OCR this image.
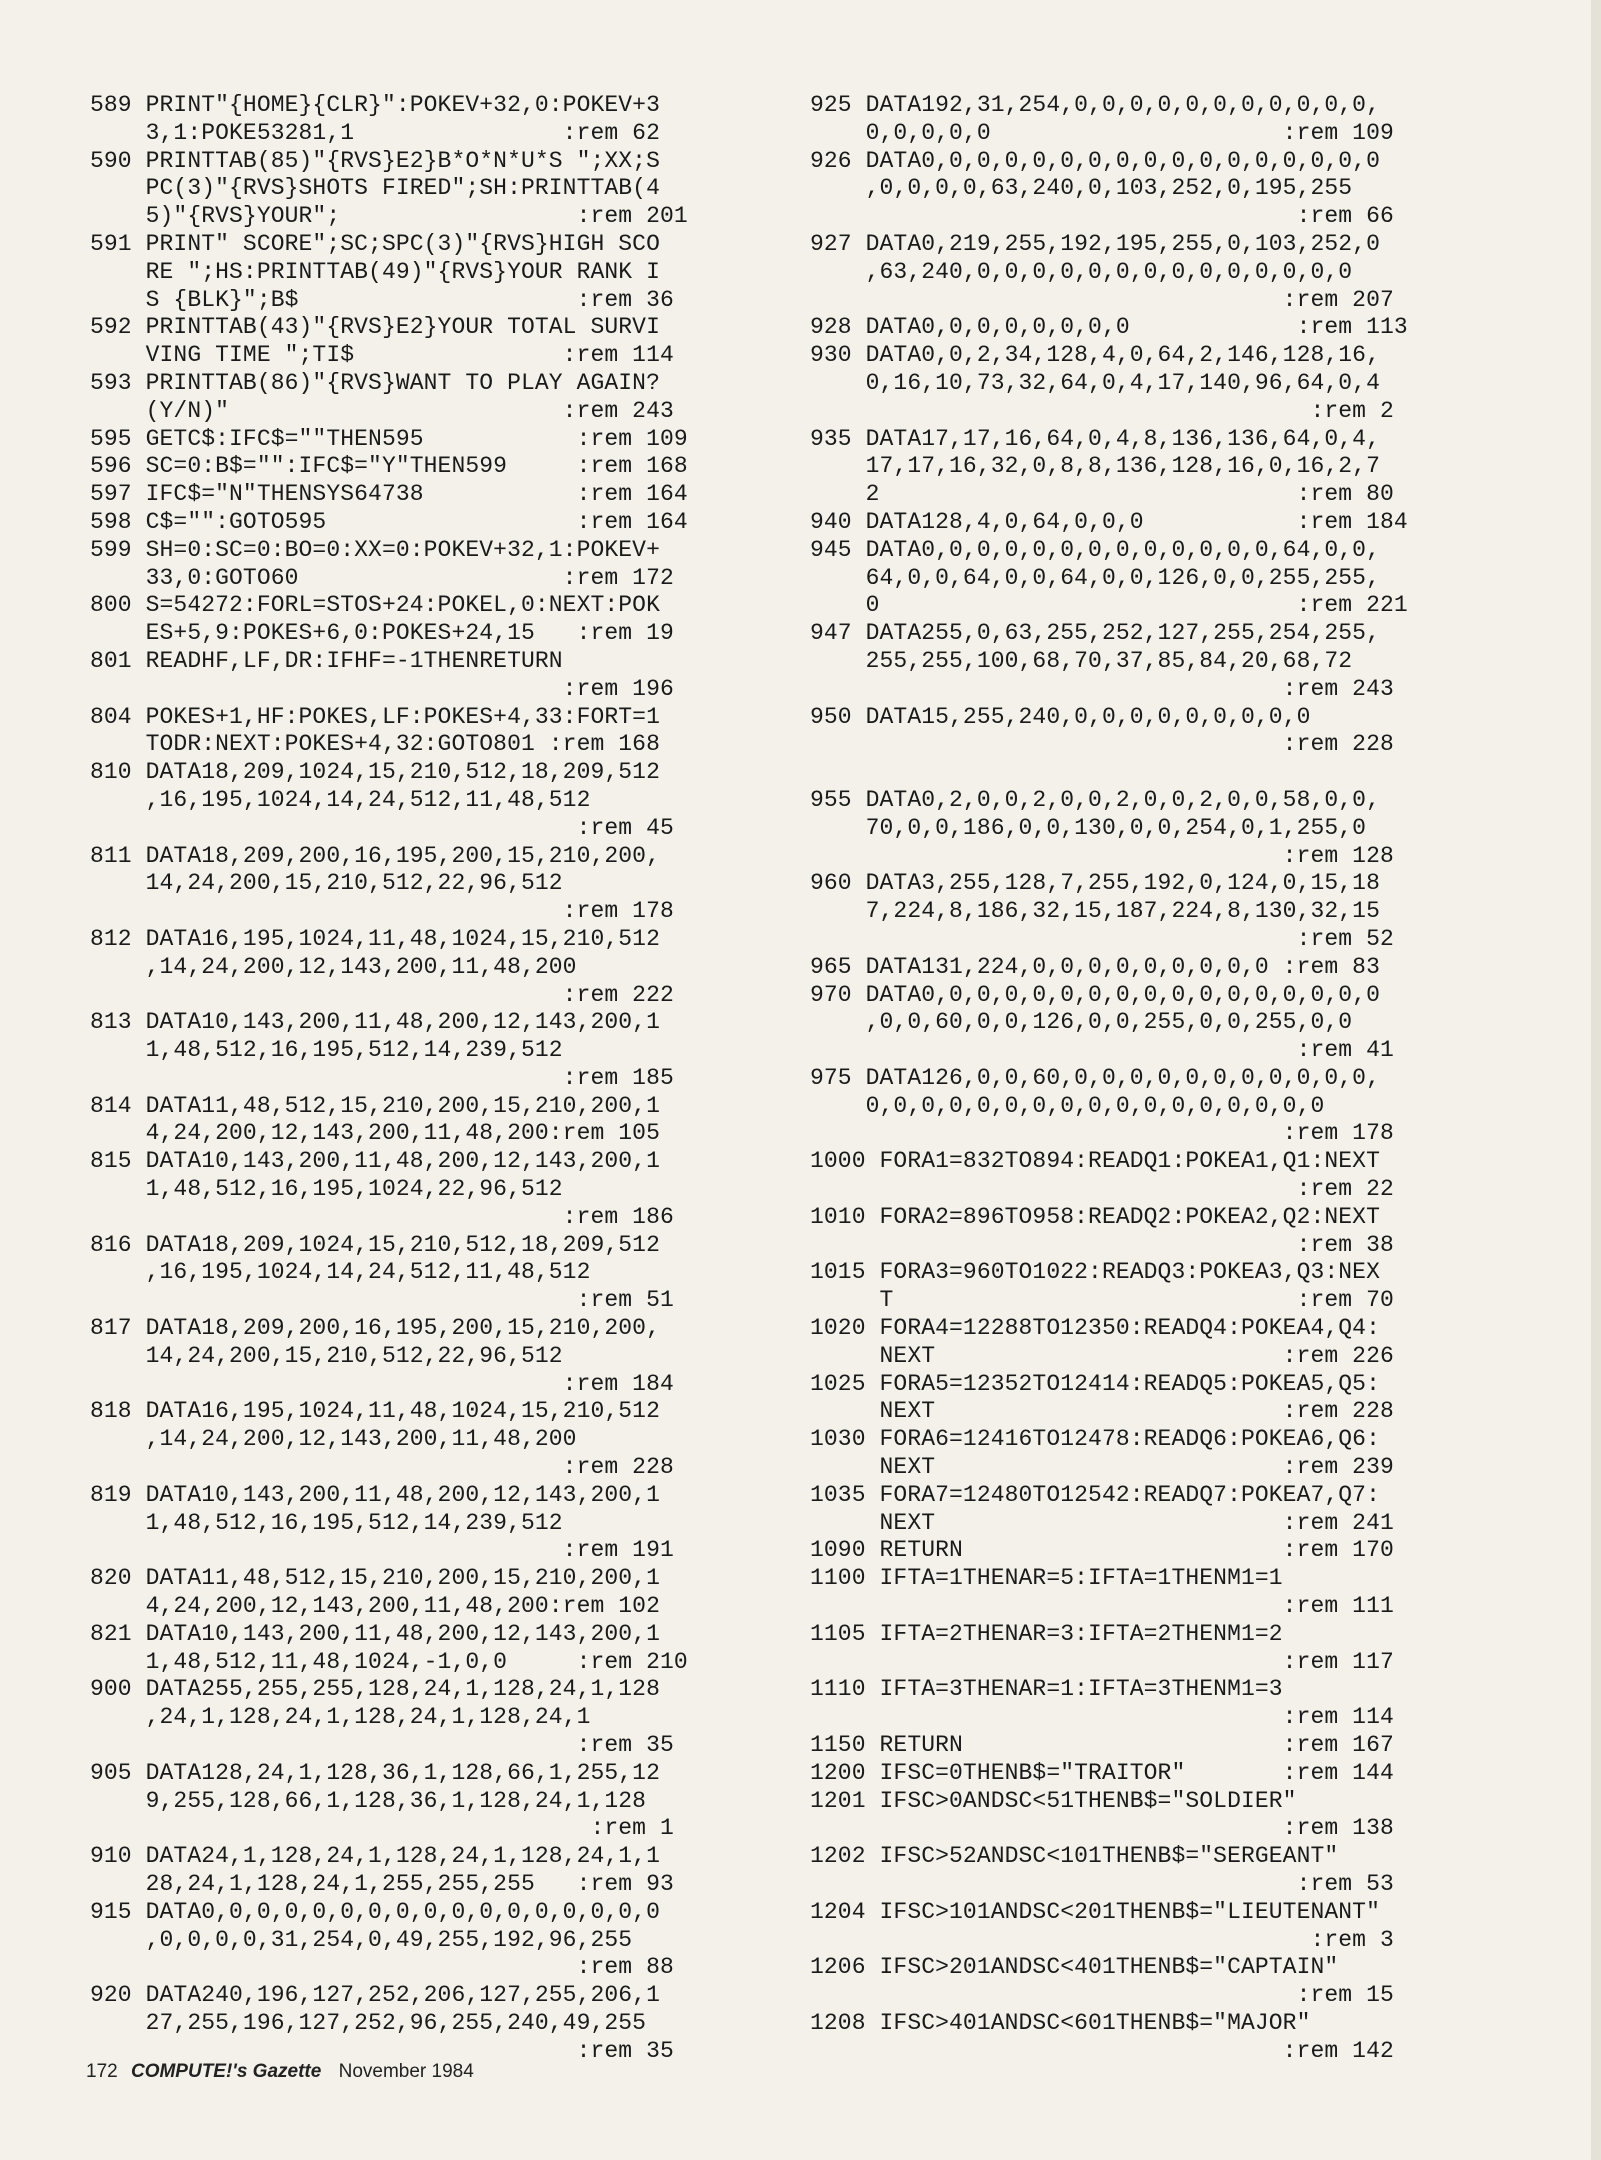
589 PRINT"{HOME}{CLR}":POKEV+32,0:POKEV+3
3,1:POKE53281,1               :rem 62
590 PRINTTAB(85)"{RVS}E2}B*O*N*U*S ";XX;S
PC(3)"{RVS}SHOTS FIRED";SH:PRINTTAB(4
5)"{RVS}YOUR";                 :rem 201
591 PRINT" SCORE";SC;SPC(3)"{RVS}HIGH SCO
RE ";HS:PRINTTAB(49)"{RVS}YOUR RANK I
S {BLK}";B$                    :rem 36
592 PRINTTAB(43)"{RVS}E2}YOUR TOTAL SURVI
VING TIME ";TI$               :rem 114
593 PRINTTAB(86)"{RVS}WANT TO PLAY AGAIN?
(Y/N)"                        :rem 243
595 GETC$:IFC$=""THEN595           :rem 109
596 SC=0:B$="":IFC$="Y"THEN599     :rem 168
597 IFC$="N"THENSYS64738           :rem 164
598 C$="":GOTO595                  :rem 164
599 SH=0:SC=0:BO=0:XX=0:POKEV+32,1:POKEV+
33,0:GOTO60                   :rem 172
800 S=54272:FORL=STOS+24:POKEL,0:NEXT:POK
ES+5,9:POKES+6,0:POKES+24,15   :rem 19
801 READHF,LF,DR:IFHF=-1THENRETURN
:rem 196
804 POKES+1,HF:POKES,LF:POKES+4,33:FORT=1
TODR:NEXT:POKES+4,32:GOTO801 :rem 168
810 DATA18,209,1024,15,210,512,18,209,512
,16,195,1024,14,24,512,11,48,512
:rem 45
811 DATA18,209,200,16,195,200,15,210,200,
14,24,200,15,210,512,22,96,512
:rem 178
812 DATA16,195,1024,11,48,1024,15,210,512
,14,24,200,12,143,200,11,48,200
:rem 222
813 DATA10,143,200,11,48,200,12,143,200,1
1,48,512,16,195,512,14,239,512
:rem 185
814 DATA11,48,512,15,210,200,15,210,200,1
4,24,200,12,143,200,11,48,200:rem 105
815 DATA10,143,200,11,48,200,12,143,200,1
1,48,512,16,195,1024,22,96,512
:rem 186
816 DATA18,209,1024,15,210,512,18,209,512
,16,195,1024,14,24,512,11,48,512
:rem 51
817 DATA18,209,200,16,195,200,15,210,200,
14,24,200,15,210,512,22,96,512
:rem 184
818 DATA16,195,1024,11,48,1024,15,210,512
,14,24,200,12,143,200,11,48,200
:rem 228
819 DATA10,143,200,11,48,200,12,143,200,1
1,48,512,16,195,512,14,239,512
:rem 191
820 DATA11,48,512,15,210,200,15,210,200,1
4,24,200,12,143,200,11,48,200:rem 102
821 DATA10,143,200,11,48,200,12,143,200,1
1,48,512,11,48,1024,-1,0,0     :rem 210
900 DATA255,255,255,128,24,1,128,24,1,128
,24,1,128,24,1,128,24,1,128,24,1
:rem 35
905 DATA128,24,1,128,36,1,128,66,1,255,12
9,255,128,66,1,128,36,1,128,24,1,128
:rem 1
910 DATA24,1,128,24,1,128,24,1,128,24,1,1
28,24,1,128,24,1,255,255,255   :rem 93
915 DATA0,0,0,0,0,0,0,0,0,0,0,0,0,0,0,0,0
,0,0,0,0,31,254,0,49,255,192,96,255
:rem 88
920 DATA240,196,127,252,206,127,255,206,1
27,255,196,127,252,96,255,240,49,255
:rem 35
925 DATA192,31,254,0,0,0,0,0,0,0,0,0,0,0,
0,0,0,0,0                     :rem 109
926 DATA0,0,0,0,0,0,0,0,0,0,0,0,0,0,0,0,0
,0,0,0,0,63,240,0,103,252,0,195,255
:rem 66
927 DATA0,219,255,192,195,255,0,103,252,0
,63,240,0,0,0,0,0,0,0,0,0,0,0,0,0,0
:rem 207
928 DATA0,0,0,0,0,0,0,0            :rem 113
930 DATA0,0,2,34,128,4,0,64,2,146,128,16,
0,16,10,73,32,64,0,4,17,140,96,64,0,4
:rem 2
935 DATA17,17,16,64,0,4,8,136,136,64,0,4,
17,17,16,32,0,8,8,136,128,16,0,16,2,7
2                              :rem 80
940 DATA128,4,0,64,0,0,0           :rem 184
945 DATA0,0,0,0,0,0,0,0,0,0,0,0,0,64,0,0,
64,0,0,64,0,0,64,0,0,126,0,0,255,255,
0                              :rem 221
947 DATA255,0,63,255,252,127,255,254,255,
255,255,100,68,70,37,85,84,20,68,72
:rem 243
950 DATA15,255,240,0,0,0,0,0,0,0,0,0
:rem 228
955 DATA0,2,0,0,2,0,0,2,0,0,2,0,0,58,0,0,
70,0,0,186,0,0,130,0,0,254,0,1,255,0
:rem 128
960 DATA3,255,128,7,255,192,0,124,0,15,18
7,224,8,186,32,15,187,224,8,130,32,15
:rem 52
965 DATA131,224,0,0,0,0,0,0,0,0,0 :rem 83
970 DATA0,0,0,0,0,0,0,0,0,0,0,0,0,0,0,0,0
,0,0,60,0,0,126,0,0,255,0,0,255,0,0
:rem 41
975 DATA126,0,0,60,0,0,0,0,0,0,0,0,0,0,0,
0,0,0,0,0,0,0,0,0,0,0,0,0,0,0,0,0
:rem 178
1000 FORA1=832TO894:READQ1:POKEA1,Q1:NEXT
:rem 22
1010 FORA2=896TO958:READQ2:POKEA2,Q2:NEXT
:rem 38
1015 FORA3=960TO1022:READQ3:POKEA3,Q3:NEX
T                             :rem 70
1020 FORA4=12288TO12350:READQ4:POKEA4,Q4:
NEXT                         :rem 226
1025 FORA5=12352TO12414:READQ5:POKEA5,Q5:
NEXT                         :rem 228
1030 FORA6=12416TO12478:READQ6:POKEA6,Q6:
NEXT                         :rem 239
1035 FORA7=12480TO12542:READQ7:POKEA7,Q7:
NEXT                         :rem 241
1090 RETURN                       :rem 170
1100 IFTA=1THENAR=5:IFTA=1THENM1=1
:rem 111
1105 IFTA=2THENAR=3:IFTA=2THENM1=2
:rem 117
1110 IFTA=3THENAR=1:IFTA=3THENM1=3
:rem 114
1150 RETURN                       :rem 167
1200 IFSC=0THENB$="TRAITOR"       :rem 144
1201 IFSC>0ANDSC<51THENB$="SOLDIER"
:rem 138
1202 IFSC>52ANDSC<101THENB$="SERGEANT"
:rem 53
1204 IFSC>101ANDSC<201THENB$="LIEUTENANT"
:rem 3
1206 IFSC>201ANDSC<401THENB$="CAPTAIN"
:rem 15
1208 IFSC>401ANDSC<601THENB$="MAJOR"
:rem 142
172 COMPUTE!'s Gazette November 1984
